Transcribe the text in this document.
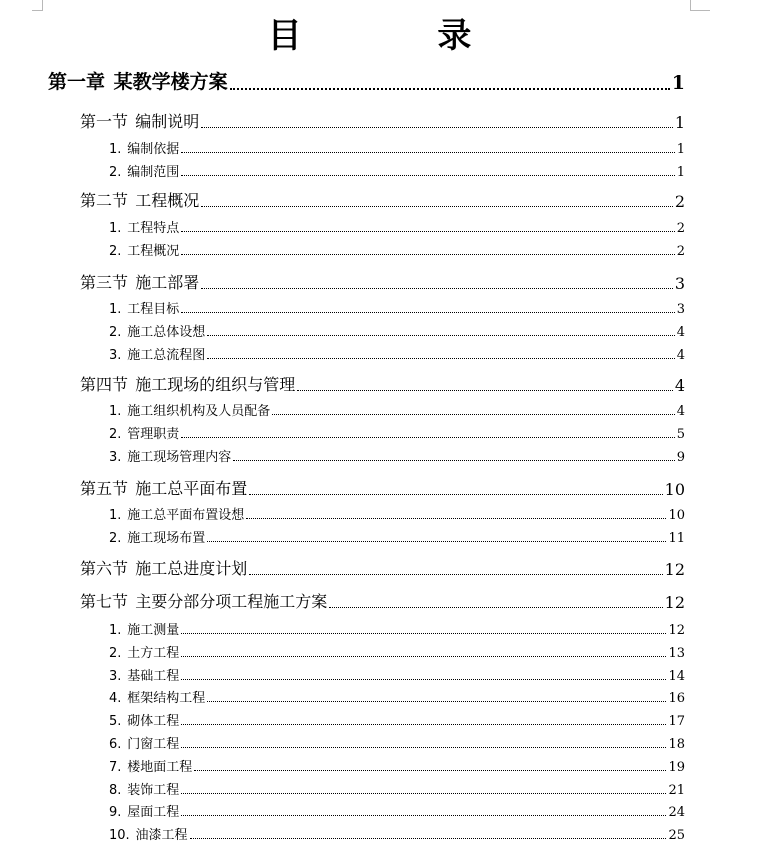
目 录
第一章 某教学楼方案	1
第一节 编制说明	1
1. 编制依据	1
2. 编制范围	1
第二节 工程概况	2
1. 工程特点	2
2. 工程概况	2
第三节 施工部署	3
1. 工程目标	3
2. 施工总体设想	4
3. 施工总流程图	4
第四节 施工现场的组织与管理	4
1. 施工组织机构及人员配备	4
2. 管理职责	5
3. 施工现场管理内容	9
第五节 施工总平面布置	10
1. 施工总平面布置设想	10
2. 施工现场布置	11
第六节 施工总进度计划	12
第七节 主要分部分项工程施工方案	12
1. 施工测量	12
2. 土方工程	13
3. 基础工程	14
4. 框架结构工程	16
5. 砌体工程	17
6. 门窗工程	18
7. 楼地面工程	19
8. 装饰工程	21
9. 屋面工程	24
10. 油漆工程	25
